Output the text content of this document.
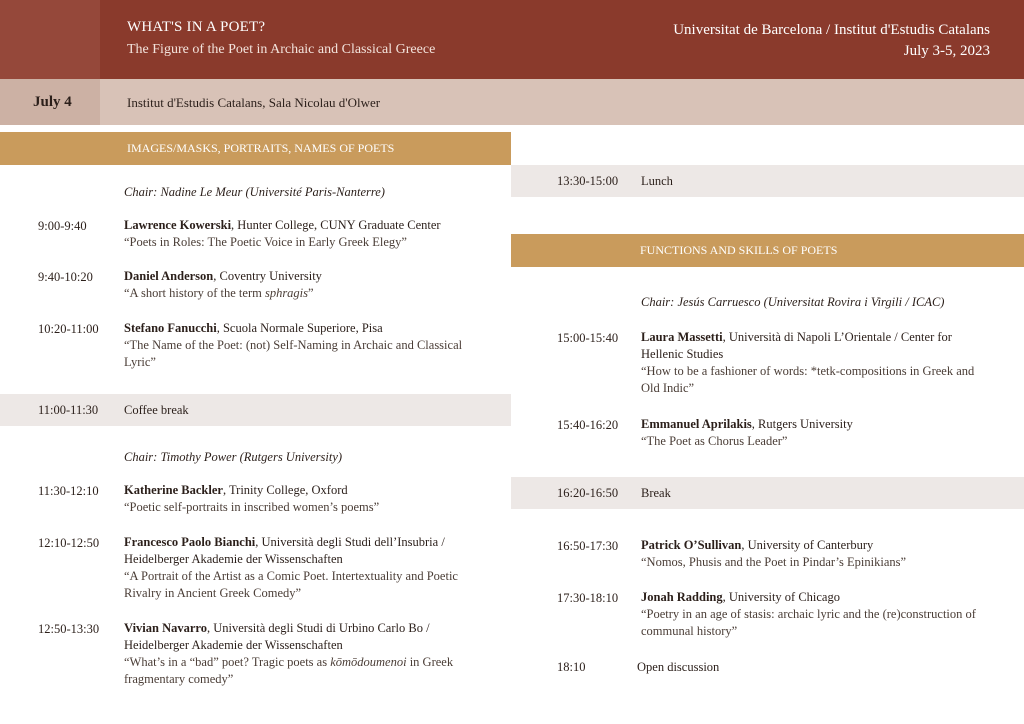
WHAT'S IN A POET?
The Figure of the Poet in Archaic and Classical Greece
Universitat de Barcelona / Institut d'Estudis Catalans
July 3-5, 2023
July 4	Institut d'Estudis Catalans, Sala Nicolau d'Olwer
IMAGES/MASKS, PORTRAITS, NAMES OF POETS
Chair: Nadine Le Meur (Université Paris-Nanterre)
9:00-9:40	Lawrence Kowerski, Hunter College, CUNY Graduate Center
“Poets in Roles: The Poetic Voice in Early Greek Elegy”
9:40-10:20 Daniel Anderson, Coventry University
“A short history of the term sphragis”
10:20-11:00 Stefano Fanucchi, Scuola Normale Superiore, Pisa
“The Name of the Poet: (not) Self-Naming in Archaic and Classical Lyric”
11:00-11:30 Coffee break
Chair: Timothy Power (Rutgers University)
11:30-12:10 Katherine Backler, Trinity College, Oxford
“Poetic self-portraits in inscribed women’s poems”
12:10-12:50 Francesco Paolo Bianchi, Università degli Studi dell’Insubria / Heidelberger Akademie der Wissenschaften
“A Portrait of the Artist as a Comic Poet. Intertextuality and Poetic Rivalry in Ancient Greek Comedy”
12:50-13:30 Vivian Navarro, Università degli Studi di Urbino Carlo Bo / Heidelberger Akademie der Wissenschaften
“What’s in a “bad” poet? Tragic poets as kōmōdoumenoi in Greek fragmentary comedy”
13:30-15:00 Lunch
FUNCTIONS AND SKILLS OF POETS
Chair: Jesús Carruesco (Universitat Rovira i Virgili / ICAC)
15:00-15:40 Laura Massetti, Università di Napoli L’Orientale / Center for Hellenic Studies
“How to be a fashioner of words: *tetk-compositions in Greek and Old Indic”
15:40-16:20 Emmanuel Aprilakis, Rutgers University
“The Poet as Chorus Leader”
16:20-16:50 Break
16:50-17:30 Patrick O’Sullivan, University of Canterbury
“Nomos, Phusis and the Poet in Pindar’s Epinikians”
17:30-18:10 Jonah Radding, University of Chicago
“Poetry in an age of stasis: archaic lyric and the (re)construction of communal history”
18:10	Open discussion
